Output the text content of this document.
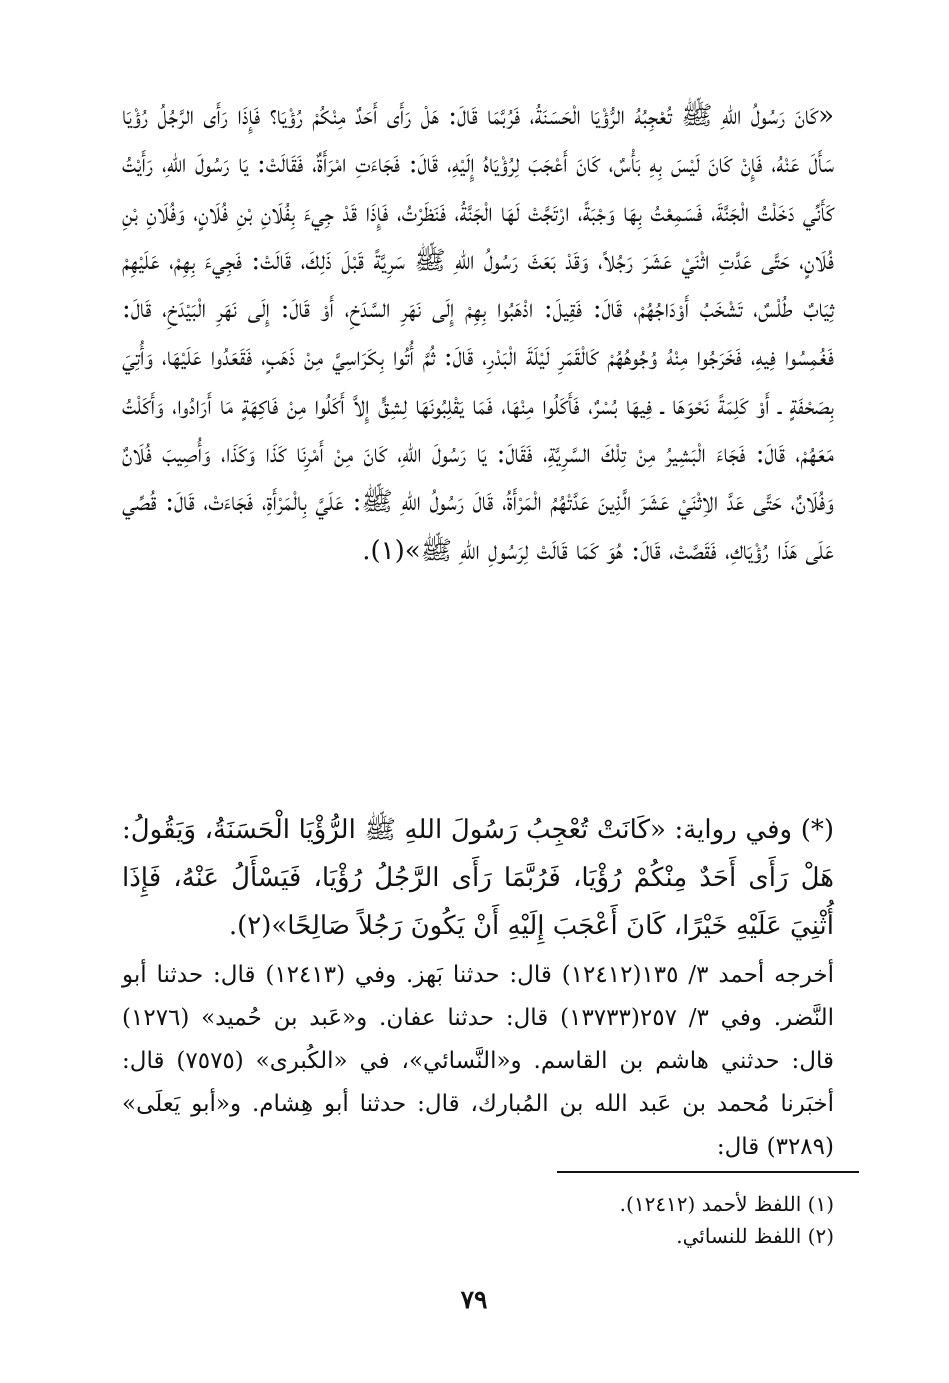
«كَانَ رَسُولُ اللهِ ﷺ تُعْجِبُهُ الرُّؤْيَا الْحَسَنَةُ، فَرُبَّمَا قَالَ: هَلْ رَأَى أَحَدٌ مِنْكُمْ رُؤْيَا؟ فَإِذَا رَأَى الرَّجُلُ رُؤْيَا سَأَلَ عَنْهُ، فَإِنْ كَانَ لَيْسَ بِهِ بَأْسٌ، كَانَ أَعْجَبَ لِرُؤْيَاهُ إِلَيْهِ، قَالَ: فَجَاءَتِ امْرَأَةٌ، فَقَالَتْ: يَا رَسُولَ اللهِ، رَأَيْتُ كَأَنِّي دَخَلْتُ الْجَنَّةَ، فَسَمِعْتُ بِهَا وَجْبَةً، ارْتَجَّتْ لَهَا الْجَنَّةُ، فَنَظَرْتُ، فَإِذَا قَدْ جِيءَ بِفُلَانِ بْنِ فُلَانٍ، وَفُلَانِ بْنِ فُلَانٍ، حَتَّى عَدَّتِ اثْنَيْ عَشَرَ رَجُلاً، وَقَدْ بَعَثَ رَسُولُ اللهِ ﷺ سَرِيَّةً قَبْلَ ذَلِكَ، قَالَتْ: فَجِيءَ بِهِمْ، عَلَيْهِمْ ثِيَابٌ طُلْسٌ، تَشْخَبُ أَوْدَاجُهُمْ، قَالَ: فَقِيلَ: اذْهَبُوا بِهِمْ إِلَى نَهَرِ السَّدَخِ، أَوْ قَالَ: إِلَى نَهَرِ الْبَيْدَخِ، قَالَ: فَغُمِسُوا فِيهِ، فَخَرَجُوا مِنْهُ وُجُوهُهُمْ كَالْقَمَرِ لَيْلَةَ الْبَدْرِ، قَالَ: ثُمَّ أُتُوا بِكَرَاسِيَّ مِنْ ذَهَبٍ، فَقَعَدُوا عَلَيْهَا، وَأُتِيَ بِصَحْفَةٍ ـ أَوْ كَلِمَةً نَحْوَهَا ـ فِيهَا بُسْرٌ، فَأَكَلُوا مِنْهَا، فَمَا يَقْلِبُونَهَا لِشِقٍّ إِلاَّ أَكَلُوا مِنْ فَاكِهَةٍ مَا أَرَادُوا، وَأَكَلْتُ مَعَهُمْ، قَالَ: فَجَاءَ الْبَشِيرُ مِنْ تِلْكَ السَّرِيَّةِ، فَقَالَ: يَا رَسُولَ اللهِ، كَانَ مِنْ أَمْرِنَا كَذَا وَكَذَا، وَأُصِيبَ فُلَانٌ وَفُلَانٌ، حَتَّى عَدَّ الاِثْنَيْ عَشَرَ الَّذِينَ عَدَّتْهُمُ الْمَرْأَةُ، قَالَ رَسُولُ اللهِ ﷺ: عَلَيَّ بِالْمَرْأَةِ، فَجَاءَتْ، قَالَ: قُصِّي عَلَى هَذَا رُؤْيَاكِ، فَقَصَّتْ، قَالَ: هُوَ كَمَا قَالَتْ لِرَسُولِ اللهِ ﷺ»(١).

(*) وفي رواية: «كَانَتْ تُعْجِبُ رَسُولَ اللهِ ﷺ الرُّؤْيَا الْحَسَنَةُ، وَيَقُولُ: هَلْ رَأَى أَحَدٌ مِنْكُمْ رُؤْيَا، فَرُبَّمَا رَأَى الرَّجُلُ رُؤْيَا، فَيَسْأَلُ عَنْهُ، فَإِذَا أُثْنِيَ عَلَيْهِ خَيْرًا، كَانَ أَعْجَبَ إِلَيْهِ أَنْ يَكُونَ رَجُلاً صَالِحًا»(٢).

أخرجه أحمد ٣/ ١٣٥(١٢٤١٢) قال: حدثنا بَهز. وفي (١٢٤١٣) قال: حدثنا أبو النَّضر. وفي ٣/ ٢٥٧(١٣٧٣٣) قال: حدثنا عفان. و«عَبد بن حُميد» (١٢٧٦) قال: حدثني هاشم بن القاسم. و«النَّسائي»، في «الكُبرى» (٧٥٧٥) قال: أخبَرنا مُحمد بن عَبد الله بن المُبارك، قال: حدثنا أبو هِشام. و«أبو يَعلَى» (٣٢٨٩) قال:

(١) اللفظ لأحمد (١٢٤١٢).
(٢) اللفظ للنسائي.
٧٩
